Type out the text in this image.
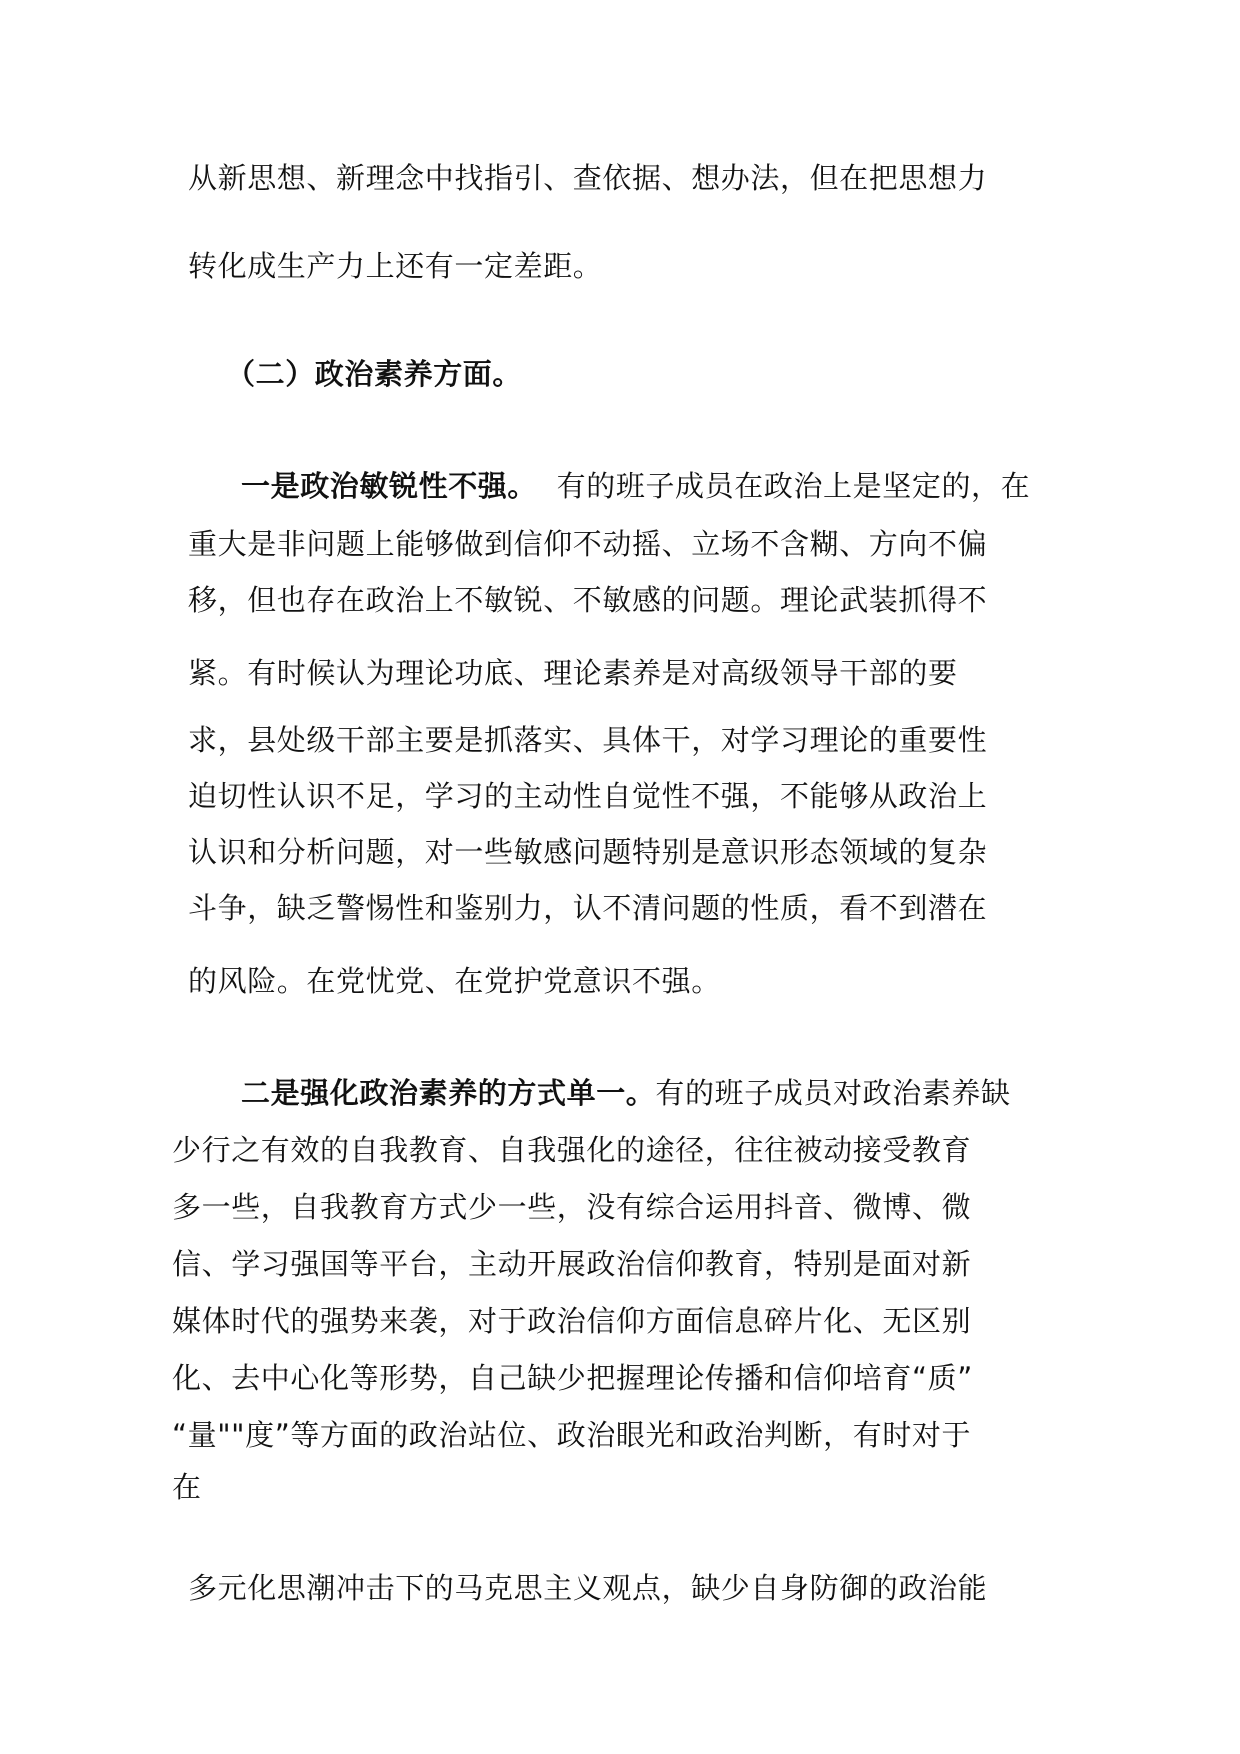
从新思想、新理念中找指引、查依据、想办法，但在把思想力
转化成生产力上还有一定差距。
（二）政治素养方面。
一是政治敏锐性不强。  有的班子成员在政治上是坚定的，在
重大是非问题上能够做到信仰不动摇、立场不含糊、方向不偏
移，但也存在政治上不敏锐、不敏感的问题。理论武装抓得不
紧。有时候认为理论功底、理论素养是对高级领导干部的要
求，县处级干部主要是抓落实、具体干，对学习理论的重要性
迫切性认识不足，学习的主动性自觉性不强，不能够从政治上
认识和分析问题，对一些敏感问题特别是意识形态领域的复杂
斗争，缺乏警惕性和鉴别力，认不清问题的性质，看不到潜在
的风险。在党忧党、在党护党意识不强。
二是强化政治素养的方式单一。有的班子成员对政治素养缺
少行之有效的自我教育、自我强化的途径，往往被动接受教育
多一些，自我教育方式少一些，没有综合运用抖音、微博、微
信、学习强国等平台，主动开展政治信仰教育，特别是面对新
媒体时代的强势来袭，对于政治信仰方面信息碎片化、无区别
化、去中心化等形势，自己缺少把握理论传播和信仰培育“质”
“量""度”等方面的政治站位、政治眼光和政治判断，有时对于
在
多元化思潮冲击下的马克思主义观点，缺少自身防御的政治能
